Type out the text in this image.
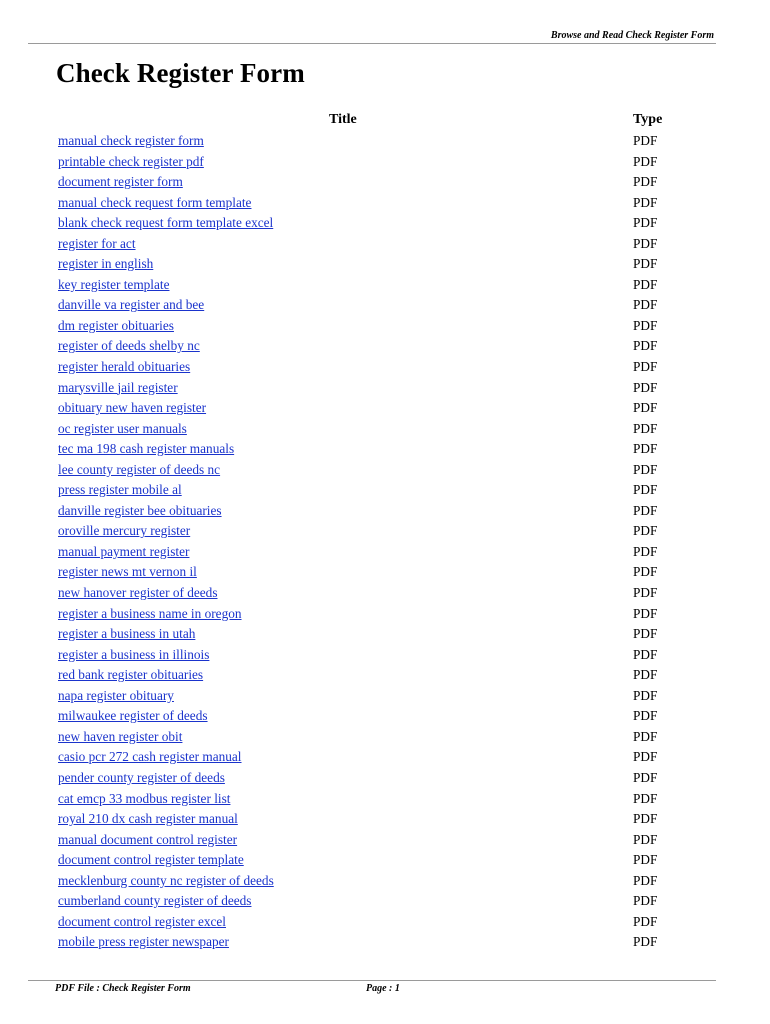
Browse and Read Check Register Form
Check Register Form
Title	Type
manual check register form	PDF
printable check register pdf	PDF
document register form	PDF
manual check request form template	PDF
blank check request form template excel	PDF
register for act	PDF
register in english	PDF
key register template	PDF
danville va register and bee	PDF
dm register obituaries	PDF
register of deeds shelby nc	PDF
register herald obituaries	PDF
marysville jail register	PDF
obituary new haven register	PDF
oc register user manuals	PDF
tec ma 198 cash register manuals	PDF
lee county register of deeds nc	PDF
press register mobile al	PDF
danville register bee obituaries	PDF
oroville mercury register	PDF
manual payment register	PDF
register news mt vernon il	PDF
new hanover register of deeds	PDF
register a business name in oregon	PDF
register a business in utah	PDF
register a business in illinois	PDF
red bank register obituaries	PDF
napa register obituary	PDF
milwaukee register of deeds	PDF
new haven register obit	PDF
casio pcr 272 cash register manual	PDF
pender county register of deeds	PDF
cat emcp 33 modbus register list	PDF
royal 210 dx cash register manual	PDF
manual document control register	PDF
document control register template	PDF
mecklenburg county nc register of deeds	PDF
cumberland county register of deeds	PDF
document control register excel	PDF
mobile press register newspaper	PDF
PDF File : Check Register Form	Page : 1
